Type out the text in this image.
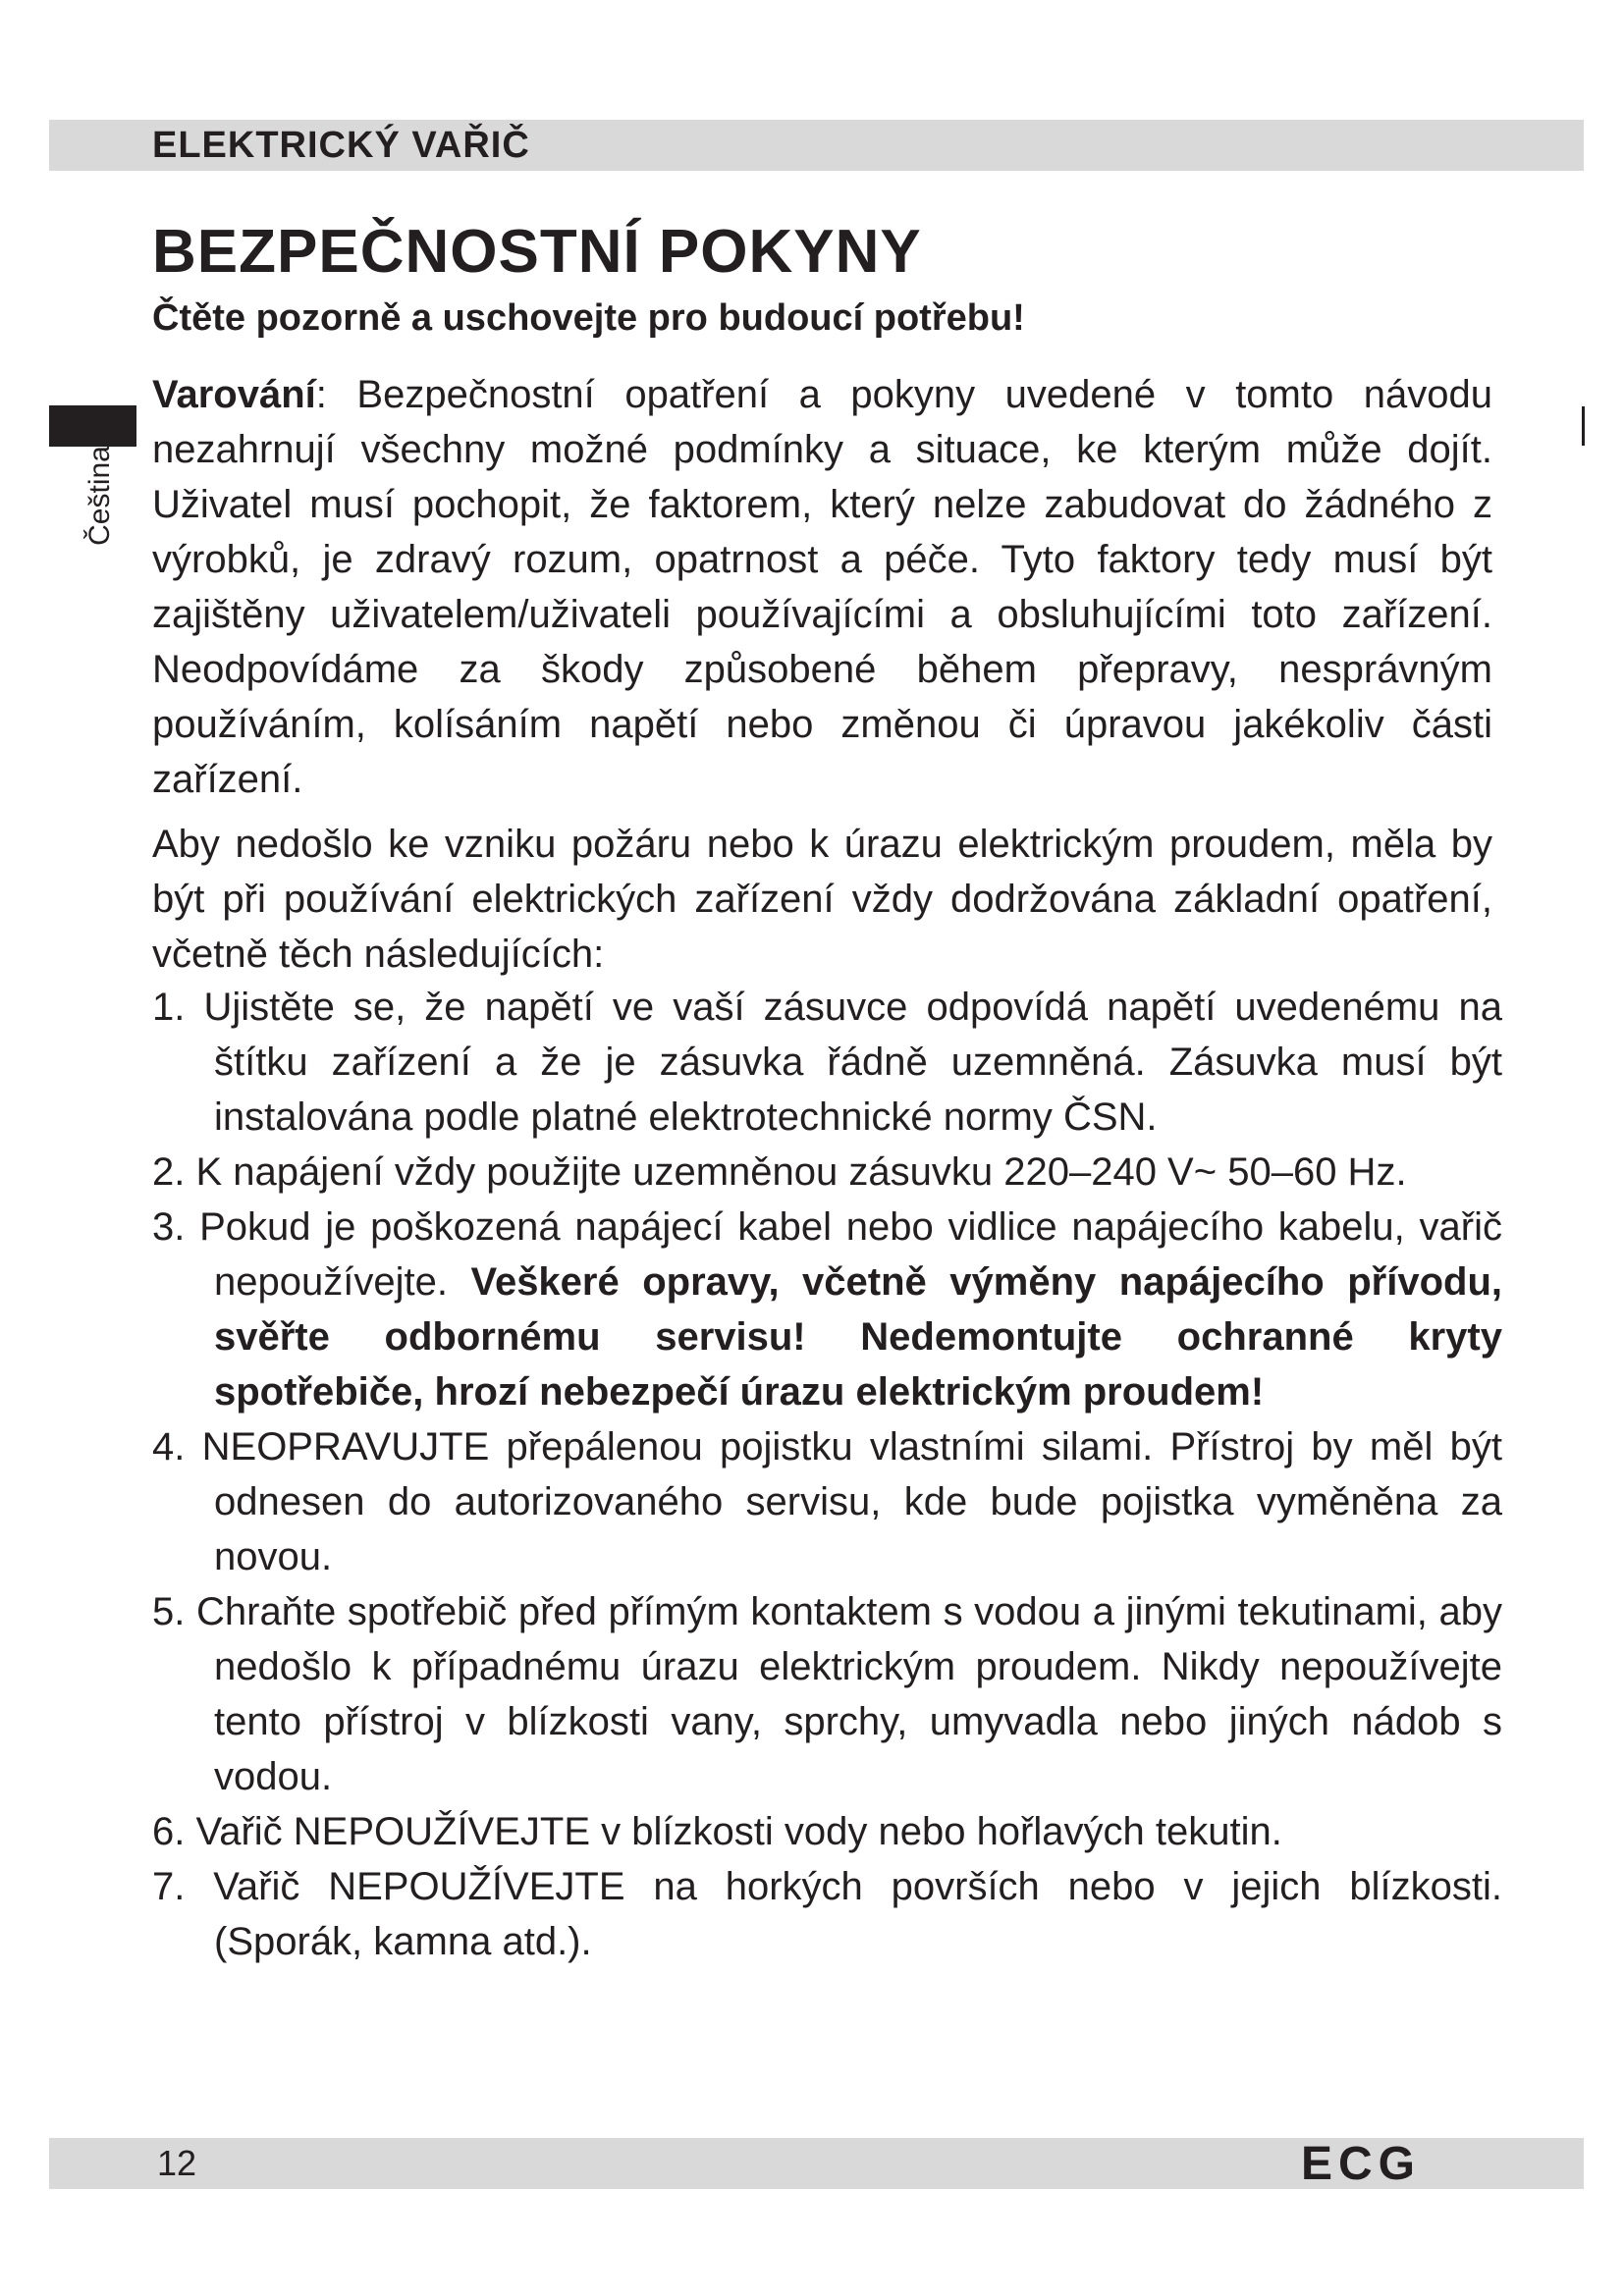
ELEKTRICKÝ VAŘIČ
Čeština
BEZPEČNOSTNÍ POKYNY

Čtěte pozorně a uschovejte pro budoucí potřebu!

Varování: Bezpečnostní opatření a pokyny uvedené v tomto návodu nezahrnují všechny možné podmínky a situace, ke kterým může dojít. Uživatel musí pochopit, že faktorem, který nelze zabudovat do žádného z výrobků, je zdravý rozum, opatrnost a péče. Tyto faktory tedy musí být zajištěny uživatelem/uživateli používajícími a obsluhujícími toto zařízení. Neodpovídáme za škody způsobené během přepravy, nesprávným používáním, kolísáním napětí nebo změnou či úpravou jakékoliv části zařízení.

Aby nedošlo ke vzniku požáru nebo k úrazu elektrickým proudem, měla by být při používání elektrických zařízení vždy dodržována základní opatření, včetně těch následujících:

1. Ujistěte se, že napětí ve vaší zásuvce odpovídá napětí uvedenému na štítku zařízení a že je zásuvka řádně uzemněná. Zásuvka musí být instalována podle platné elektrotechnické normy ČSN.
2. K napájení vždy použijte uzemněnou zásuvku 220–240 V~ 50–60 Hz.
3. Pokud je poškozená napájecí kabel nebo vidlice napájecího kabelu, vařič nepoužívejte. Veškeré opravy, včetně výměny napájecího přívodu, svěřte odbornému servisu! Nedemontujte ochranné kryty spotřebiče, hrozí nebezpečí úrazu elektrickým proudem!
4. NEOPRAVUJTE přepálenou pojistku vlastními silami. Přístroj by měl být odnesen do autorizovaného servisu, kde bude pojistka vyměněna za novou.
5. Chraňte spotřebič před přímým kontaktem s vodou a jinými tekutinami, aby nedošlo k případnému úrazu elektrickým proudem. Nikdy nepoužívejte tento přístroj v blízkosti vany, sprchy, umyvadla nebo jiných nádob s vodou.
6. Vařič NEPOUŽÍVEJTE v blízkosti vody nebo hořlavých tekutin.
7. Vařič NEPOUŽÍVEJTE na horkých površích nebo v jejich blízkosti. (Sporák, kamna atd.).
12	ECG
